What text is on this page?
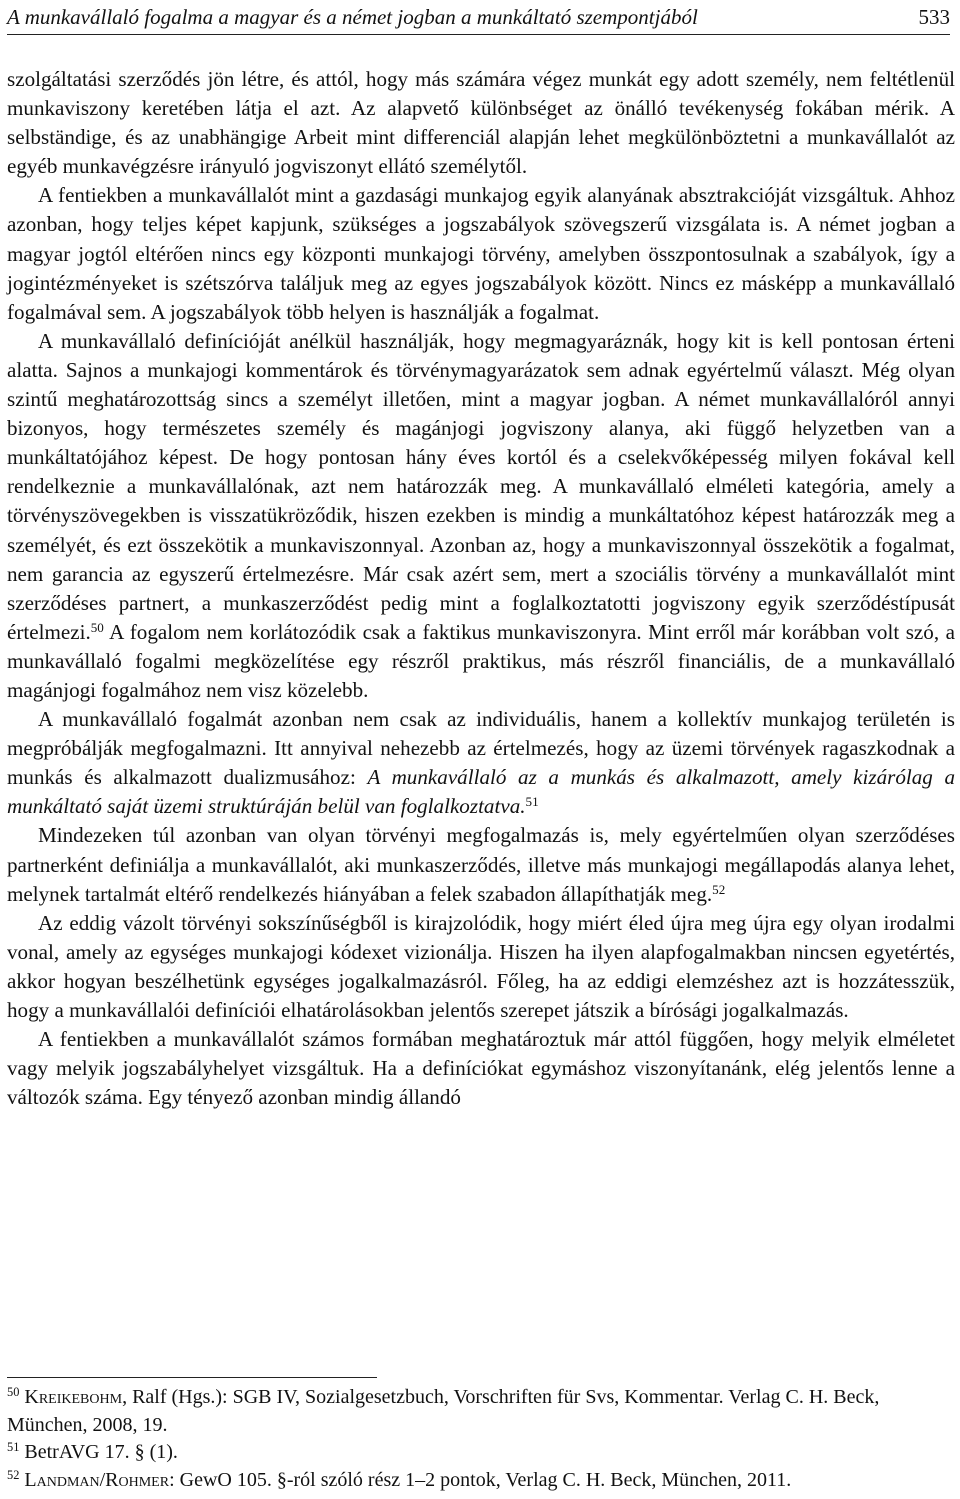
A munkavállaló fogalma a magyar és a német jogban a munkáltató szempontjából	533

szolgáltatási szerződés jön létre, és attól, hogy más számára végez munkát egy adott személy, nem feltétlenül munkaviszony keretében látja el azt. Az alapvető különbséget az önálló tevékenység fokában mérik. A selbständige, és az unabhängige Arbeit mint differenciál alapján lehet megkülönböztetni a munkavállalót az egyéb munkavégzésre irányuló jogviszonyt ellátó személytől.

A fentiekben a munkavállalót mint a gazdasági munkajog egyik alanyának absztrakcióját vizsgáltuk. Ahhoz azonban, hogy teljes képet kapjunk, szükséges a jogszabályok szövegszerű vizsgálata is. A német jogban a magyar jogtól eltérően nincs egy központi munkajogi törvény, amelyben összpontosulnak a szabályok, így a jogintézményeket is szétszórva találjuk meg az egyes jogszabályok között. Nincs ez másképp a munkavállaló fogalmával sem. A jogszabályok több helyen is használják a fogalmat.

A munkavállaló definícióját anélkül használják, hogy megmagyaráznák, hogy kit is kell pontosan érteni alatta. Sajnos a munkajogi kommentárok és törvénymagyarázatok sem adnak egyértelmű választ. Még olyan szintű meghatározottság sincs a személyt illetően, mint a magyar jogban. A német munkavállalóról annyi bizonyos, hogy természetes személy és magánjogi jogviszony alanya, aki függő helyzetben van a munkáltatójához képest. De hogy pontosan hány éves kortól és a cselekvőképesség milyen fokával kell rendelkeznie a munkavállalónak, azt nem határozzák meg. A munkavállaló elméleti kategória, amely a törvényszövegekben is visszatükröződik, hiszen ezekben is mindig a munkáltatóhoz képest határozzák meg a személyét, és ezt összekötik a munkaviszonnyal. Azonban az, hogy a munkaviszonnyal összekötik a fogalmat, nem garancia az egyszerű értelmezésre. Már csak azért sem, mert a szociális törvény a munkavállalót mint szerződéses partnert, a munkaszerződést pedig mint a foglalkoztatotti jogviszony egyik szerződéstípusát értelmezi.$^{50}$ A fogalom nem korlátozódik csak a faktikus munkaviszonyra. Mint erről már korábban volt szó, a munkavállaló fogalmi megközelítése egy részről praktikus, más részről financiális, de a munkavállaló magánjogi fogalmához nem visz közelebb.

A munkavállaló fogalmát azonban nem csak az individuális, hanem a kollektív munkajog területén is megpróbálják megfogalmazni. Itt annyival nehezebb az értelmezés, hogy az üzemi törvények ragaszkodnak a munkás és alkalmazott dualizmusához: A munkavállaló az a munkás és alkalmazott, amely kizárólag a munkáltató saját üzemi struktúráján belül van foglalkoztatva.$^{51}$

Mindezeken túl azonban van olyan törvényi megfogalmazás is, mely egyértelműen olyan szerződéses partnerként definiálja a munkavállalót, aki munkaszerződés, illetve más munkajogi megállapodás alanya lehet, melynek tartalmát eltérő rendelkezés hiányában a felek szabadon állapíthatják meg.$^{52}$

Az eddig vázolt törvényi sokszínűségből is kirajzolódik, hogy miért éled újra meg újra egy olyan irodalmi vonal, amely az egységes munkajogi kódexet vizionálja. Hiszen ha ilyen alapfogalmakban nincsen egyetértés, akkor hogyan beszélhetünk egységes jogalkalmazásról. Főleg, ha az eddigi elemzéshez azt is hozzátesszük, hogy a munkavállalói definíciói elhatárolásokban jelentős szerepet játszik a bírósági jogalkalmazás.

A fentiekben a munkavállalót számos formában meghatároztuk már attól függően, hogy melyik elméletet vagy melyik jogszabályhelyet vizsgáltuk. Ha a definíciókat egymáshoz viszonyítanánk, elég jelentős lenne a változók száma. Egy tényező azonban mindig állandó

$^{50}$ Kreikebohm, Ralf (Hgs.): SGB IV, Sozialgesetzbuch, Vorschriften für Svs, Kommentar. Verlag C. H. Beck, München, 2008, 19.

$^{51}$ BetrAVG 17. § (1).

$^{52}$ Landman/Rohmer: GewO 105. §-ról szóló rész 1–2 pontok, Verlag C. H. Beck, München, 2011.
